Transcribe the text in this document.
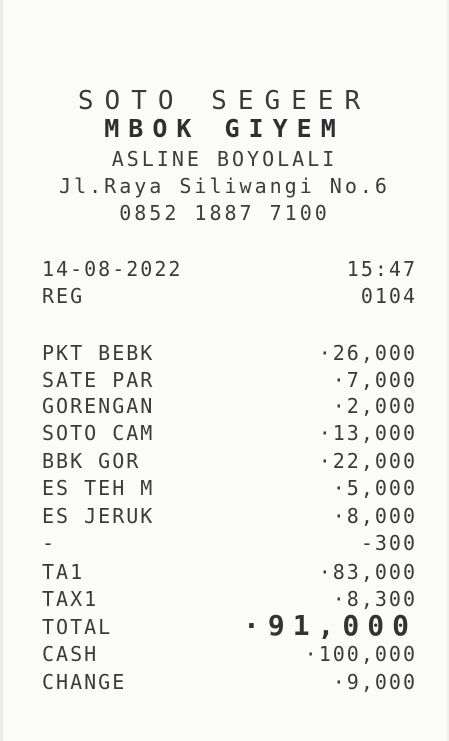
SOTO SEGEER
MBOK GIYEM
ASLINE BOYOLALI
Jl.Raya Siliwangi No.6
0852 1887 7100
14-08-2022	15:47
REG	0104
PKT BEBK	·26,000
SATE PAR	·7,000
GORENGAN	·2,000
SOTO CAM	·13,000
BBK GOR	·22,000
ES TEH M	·5,000
ES JERUK	·8,000
-	-300
TA1	·83,000
TAX1	·8,300
TOTAL	·91,000
CASH	·100,000
CHANGE	·9,000
